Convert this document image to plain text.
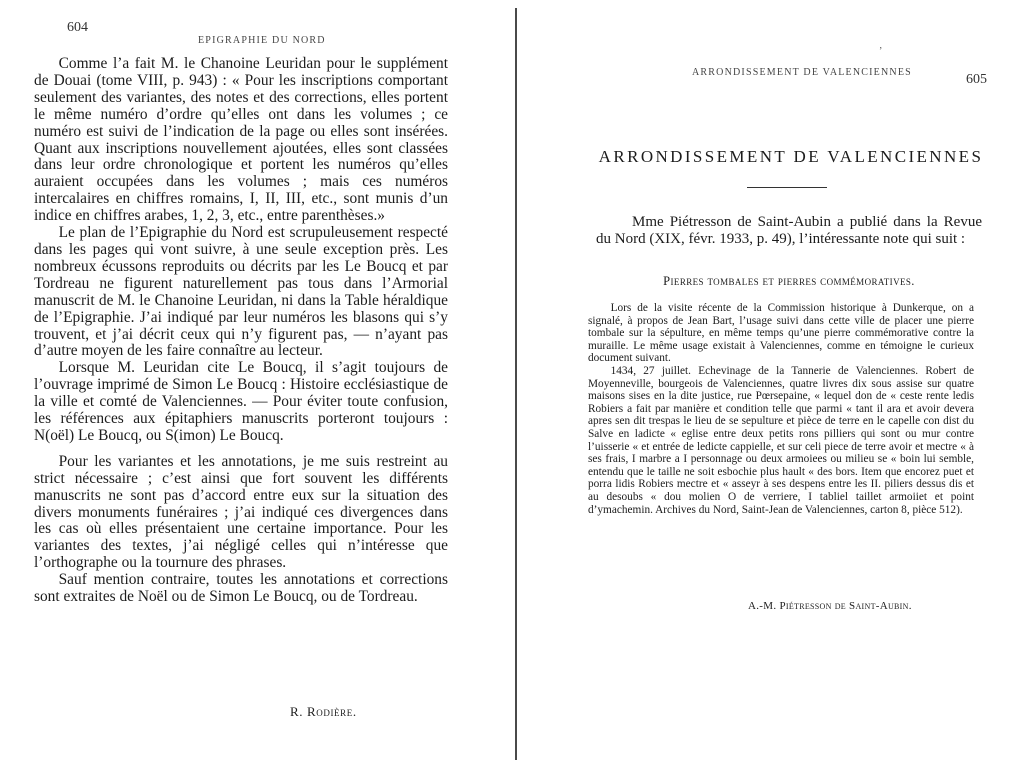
604
EPIGRAPHIE DU NORD

Comme l’a fait M. le Chanoine Leuridan pour le supplément de Douai (tome VIII, p. 943) : « Pour les inscriptions comportant seulement des variantes, des notes et des corrections, elles portent le même numéro d’ordre qu’elles ont dans les volumes ; ce numéro est suivi de l’indication de la page ou elles sont insérées. Quant aux inscriptions nouvellement ajoutées, elles sont classées dans leur ordre chronologique et portent les numéros qu’elles auraient occupées dans les volumes ; mais ces numéros intercalaires en chiffres romains, I, II, III, etc., sont munis d’un indice en chiffres arabes, 1, 2, 3, etc., entre parenthèses.»

Le plan de l’Epigraphie du Nord est scrupuleusement respecté dans les pages qui vont suivre, à une seule exception près. Les nombreux écussons reproduits ou décrits par les Le Boucq et par Tordreau ne figurent naturellement pas tous dans l’Armorial manuscrit de M. le Chanoine Leuridan, ni dans la Table héraldique de l’Epigraphie. J’ai indiqué par leur numéros les blasons qui s’y trouvent, et j’ai décrit ceux qui n’y figurent pas, — n’ayant pas d’autre moyen de les faire connaître au lecteur.

Lorsque M. Leuridan cite Le Boucq, il s’agit toujours de l’ouvrage imprimé de Simon Le Boucq : Histoire ecclésiastique de la ville et comté de Valenciennes. — Pour éviter toute confusion, les références aux épitaphiers manuscrits porteront toujours : N(oël) Le Boucq, ou S(imon) Le Boucq.

Pour les variantes et les annotations, je me suis restreint au strict nécessaire ; c’est ainsi que fort souvent les différents manuscrits ne sont pas d’accord entre eux sur la situation des divers monuments funéraires ; j’ai indiqué ces divergences dans les cas où elles présentaient une certaine importance. Pour les variantes des textes, j’ai négligé celles qui n’intéresse que l’orthographe ou la tournure des phrases.

Sauf mention contraire, toutes les annotations et corrections sont extraites de Noël ou de Simon Le Boucq, ou de Tordreau.

R. Rodière.
’
ARRONDISSEMENT DE VALENCIENNES	605
ARRONDISSEMENT DE VALENCIENNES

Mme Piétresson de Saint-Aubin a publié dans la Revue du Nord (XIX, févr. 1933, p. 49), l’intéressante note qui suit :

Pierres tombales et pierres commémoratives.

Lors de la visite récente de la Commission historique à Dunkerque, on a signalé, à propos de Jean Bart, l’usage suivi dans cette ville de placer une pierre tombale sur la sépulture, en même temps qu’une pierre commémorative contre la muraille. Le même usage existait à Valenciennes, comme en témoigne le curieux document suivant.

1434, 27 juillet. Echevinage de la Tannerie de Valenciennes. Robert de Moyenneville, bourgeois de Valenciennes, quatre livres dix sous assise sur quatre maisons sises en la dite justice, rue Pœrsepaine, « lequel don de « ceste rente ledis Robiers a fait par manière et condition telle que parmi « tant il ara et avoir devera apres sen dit trespas le lieu de se sepulture et pièce de terre en le capelle con dist du Salve en ladicte « eglise entre deux petits rons pilliers qui sont ou mur contre l’uisserie « et entrée de ledicte cappielle, et sur celi piece de terre avoir et mectre « à ses frais, I marbre a I personnage ou deux armoiees ou milieu se « boin lui semble, entendu que le taille ne soit esbochie plus hault « des bors. Item que encorez puet et porra lidis Robiers mectre et « asseyr à ses despens entre les II. piliers dessus dis et au desoubs « dou molien O de verriere, I tabliel taillet armoiiet et point d’ymachemin. Archives du Nord, Saint-Jean de Valenciennes, carton 8, pièce 512).

A.-M. Piétresson de Saint-Aubin.
